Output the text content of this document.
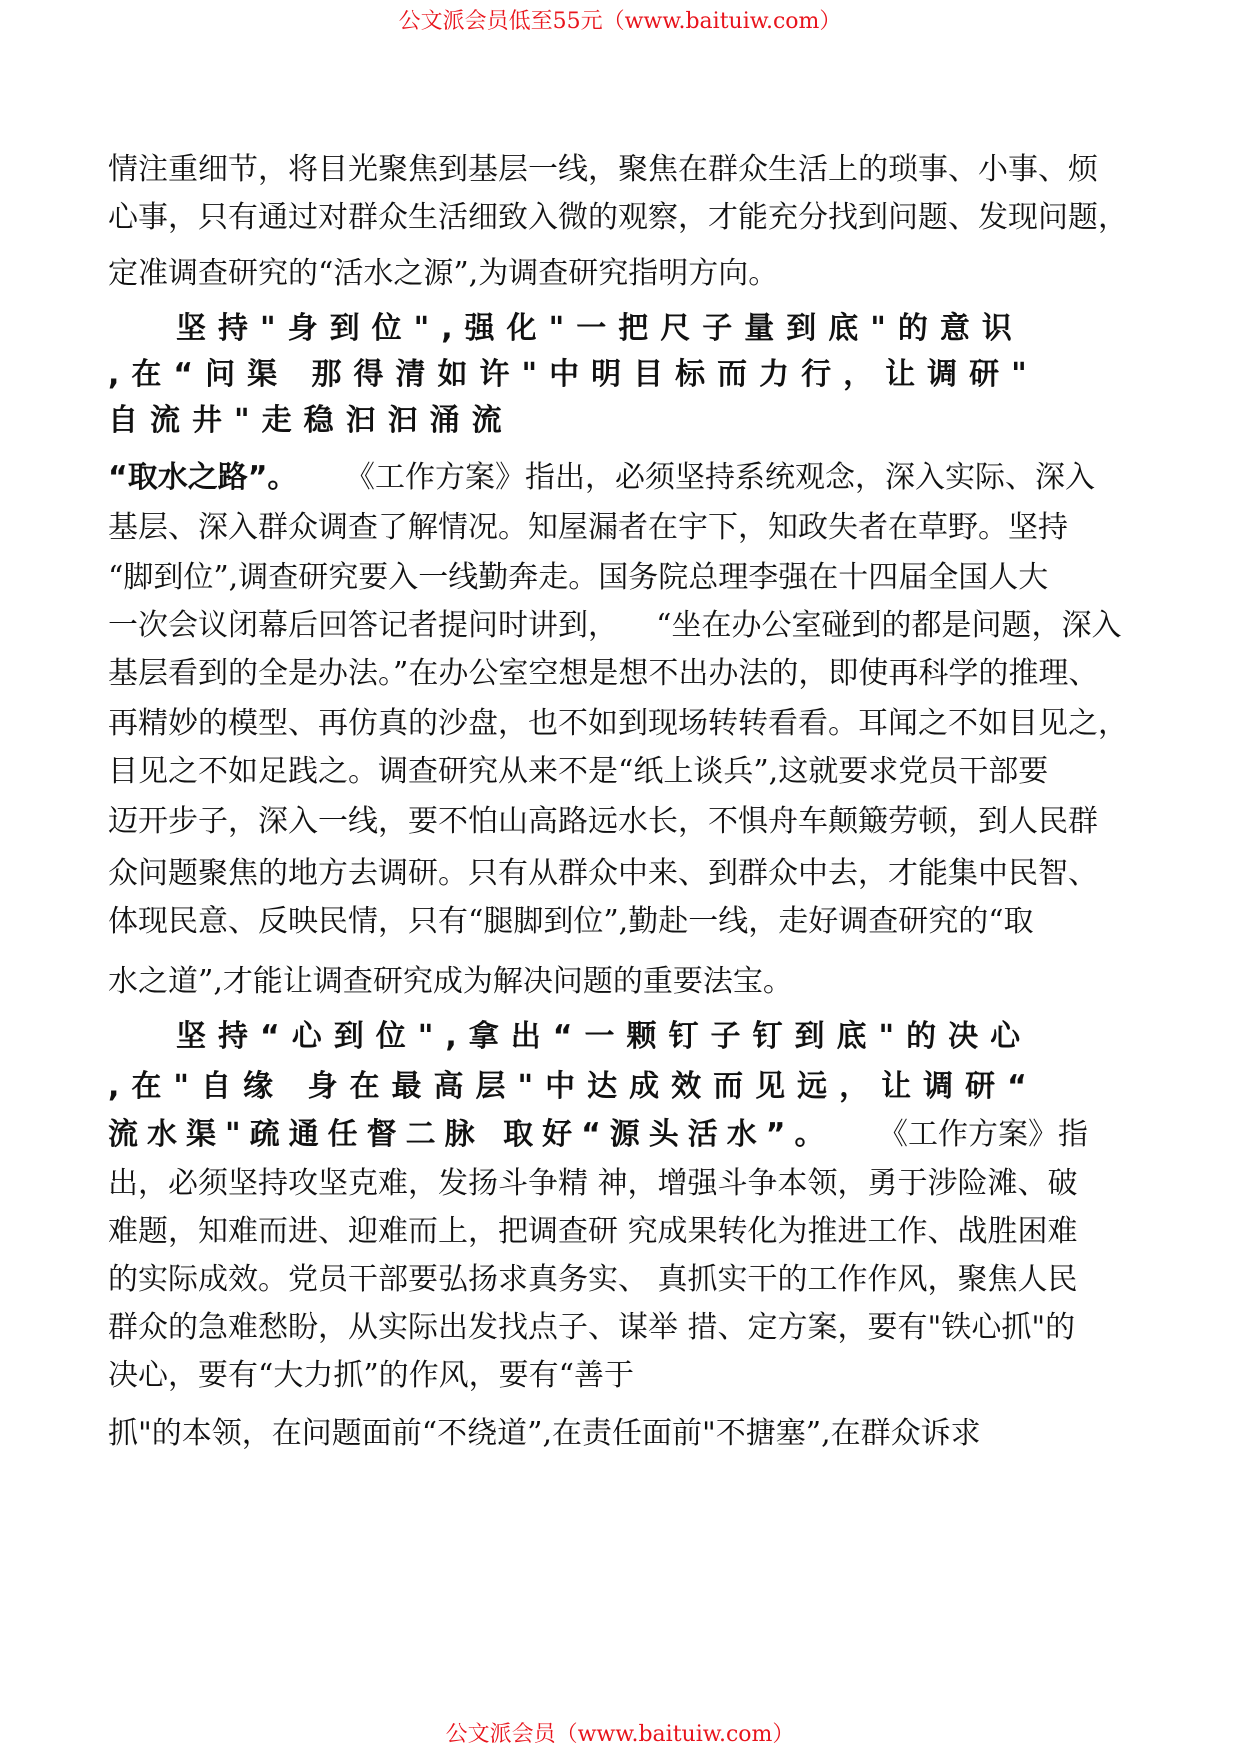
公文派会员低至55元（www.baituiw.com）
情注重细节，将目光聚焦到基层一线，聚焦在群众生活上的琐事、小事、烦
心事，只有通过对群众生活细致入微的观察，才能充分找到问题、发现问题，
定准调查研究的“活水之源”,为调查研究指明方向。
坚持"身到位",强化"一把尺子量到底"的意识
,在“问渠 那得清如许"中明目标而力行，让调研"
自流井"走稳汩汩涌流
“取水之路”。 《工作方案》指出，必须坚持系统观念，深入实际、深入
基层、深入群众调查了解情况。知屋漏者在宇下，知政失者在草野。坚持
“脚到位”,调查研究要入一线勤奔走。国务院总理李强在十四届全国人大
一次会议闭幕后回答记者提问时讲到，    “坐在办公室碰到的都是问题，深入
基层看到的全是办法。”在办公室空想是想不出办法的，即使再科学的推理、
再精妙的模型、再仿真的沙盘，也不如到现场转转看看。耳闻之不如目见之，
目见之不如足践之。调查研究从来不是“纸上谈兵”,这就要求党员干部要
迈开步子，深入一线，要不怕山高路远水长，不惧舟车颠簸劳顿，到人民群
众问题聚焦的地方去调研。只有从群众中来、到群众中去，才能集中民智、
体现民意、反映民情，只有“腿脚到位”,勤赴一线，走好调查研究的“取
水之道”,才能让调查研究成为解决问题的重要法宝。
坚持“心到位",拿出“一颗钉子钉到底"的决心
,在"自缘 身在最高层"中达成效而见远，让调研“
流水渠"疏通任督二脉 取好“源头活水”。 《工作方案》指
出，必须坚持攻坚克难，发扬斗争精 神，增强斗争本领，勇于涉险滩、破
难题，知难而进、迎难而上，把调查研 究成果转化为推进工作、战胜困难
的实际成效。党员干部要弘扬求真务实、 真抓实干的工作作风，聚焦人民
群众的急难愁盼，从实际出发找点子、谋举 措、定方案，要有"铁心抓"的
决心，要有“大力抓”的作风，要有“善于
抓"的本领，在问题面前“不绕道”,在责任面前"不搪塞”,在群众诉求
公文派会员（www.baituiw.com）
